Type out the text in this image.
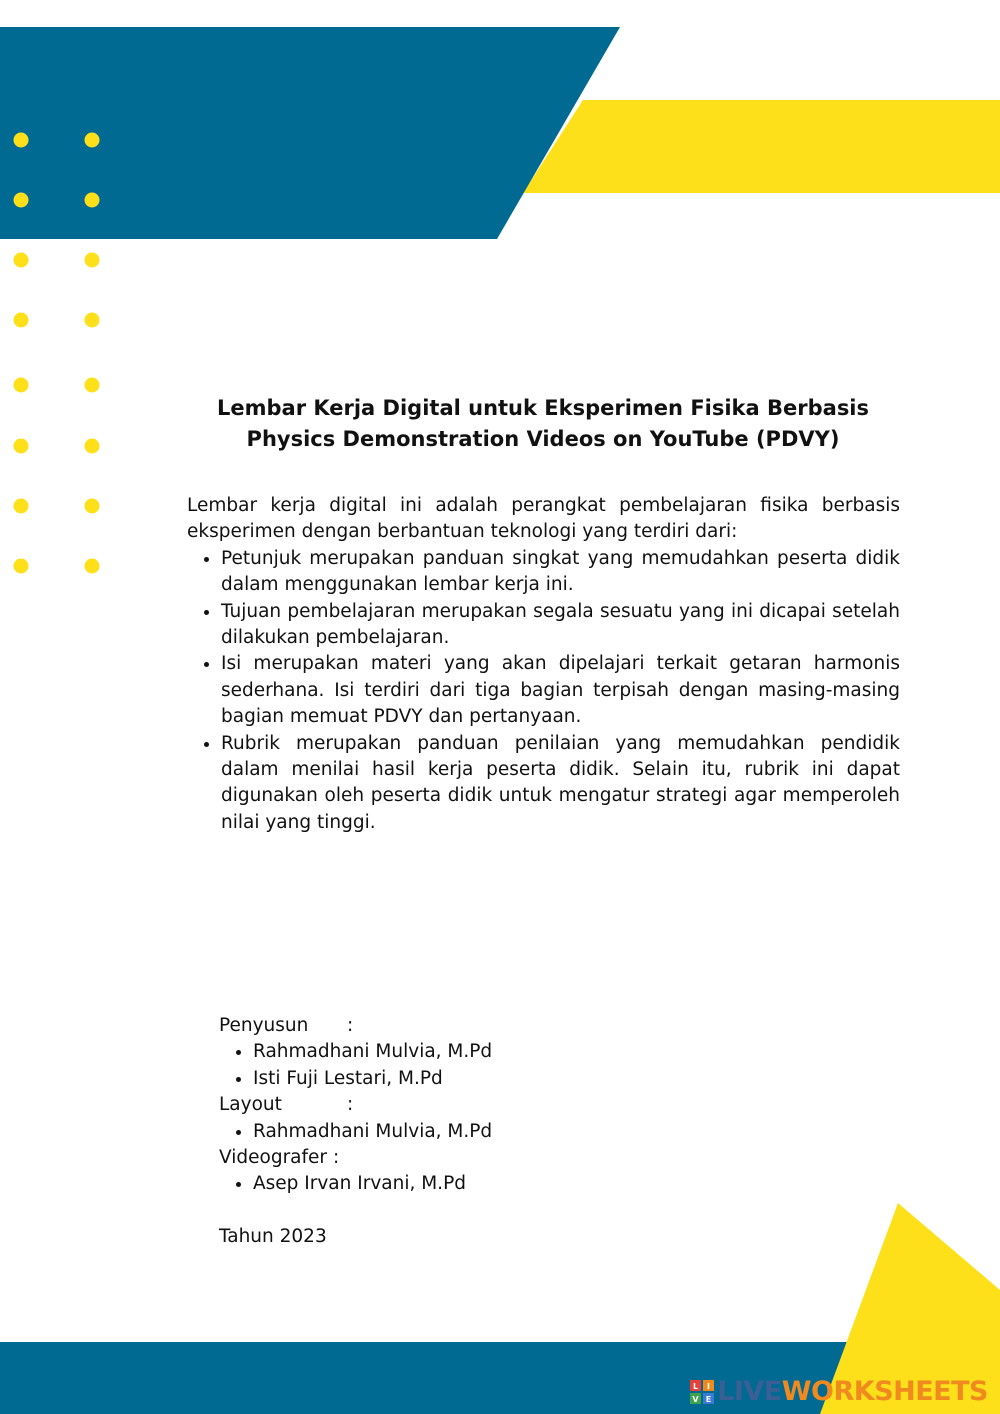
Lembar Kerja Digital untuk Eksperimen Fisika Berbasis
Physics Demonstration Videos on YouTube (PDVY)

Lembar kerja digital ini adalah perangkat pembelajaran fisika berbasis eksperimen dengan berbantuan teknologi yang terdiri dari:

• Petunjuk merupakan panduan singkat yang memudahkan peserta didik dalam menggunakan lembar kerja ini.
• Tujuan pembelajaran merupakan segala sesuatu yang ini dicapai setelah dilakukan pembelajaran.
• Isi merupakan materi yang akan dipelajari terkait getaran harmonis sederhana. Isi terdiri dari tiga bagian terpisah dengan masing-masing bagian memuat PDVY dan pertanyaan.
• Rubrik merupakan panduan penilaian yang memudahkan pendidik dalam menilai hasil kerja peserta didik. Selain itu, rubrik ini dapat digunakan oleh peserta didik untuk mengatur strategi agar memperoleh nilai yang tinggi.
Penyusun	:
• Rahmadhani Mulvia, M.Pd
• Isti Fuji Lestari, M.Pd
Layout	:
• Rahmadhani Mulvia, M.Pd
Videografer :
• Asep Irvan Irvani, M.Pd
Tahun 2023
L I
V E LIVEWORKSHEETS
